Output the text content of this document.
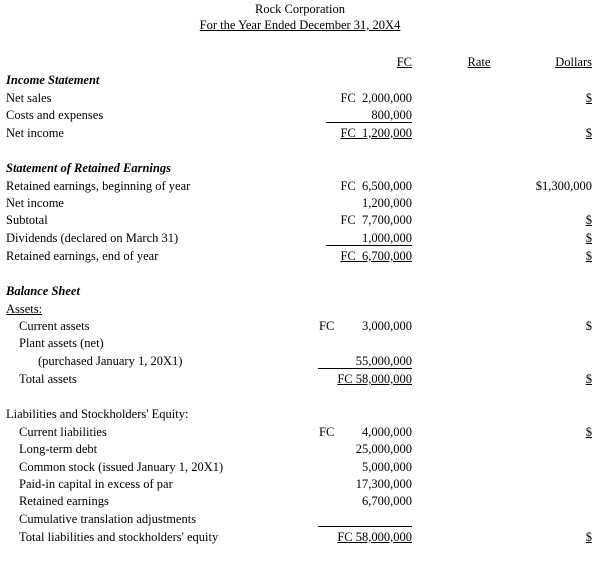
Rock Corporation
For the Year Ended December 31, 20X4
FC	Rate	Dollars
Income Statement
Net sales	FC  2,000,000	$
Costs and expenses	800,000
Net income	FC  1,200,000	$
Statement of Retained Earnings
Retained earnings, beginning of year	FC  6,500,000	$1,300,000
Net income	1,200,000
Subtotal	FC  7,700,000	$
Dividends (declared on March 31)	1,000,000	$
Retained earnings, end of year	FC  6,700,000	$
Balance Sheet
Assets:
Current assets	FC	3,000,000	$
Plant assets (net)
(purchased January 1, 20X1)	55,000,000
Total assets	FC 58,000,000	$
Liabilities and Stockholders' Equity:
Current liabilities	FC	4,000,000	$
Long-term debt	25,000,000
Common stock (issued January 1, 20X1)	5,000,000
Paid-in capital in excess of par	17,300,000
Retained earnings	6,700,000
Cumulative translation adjustments
Total liabilities and stockholders' equity	FC 58,000,000	$
